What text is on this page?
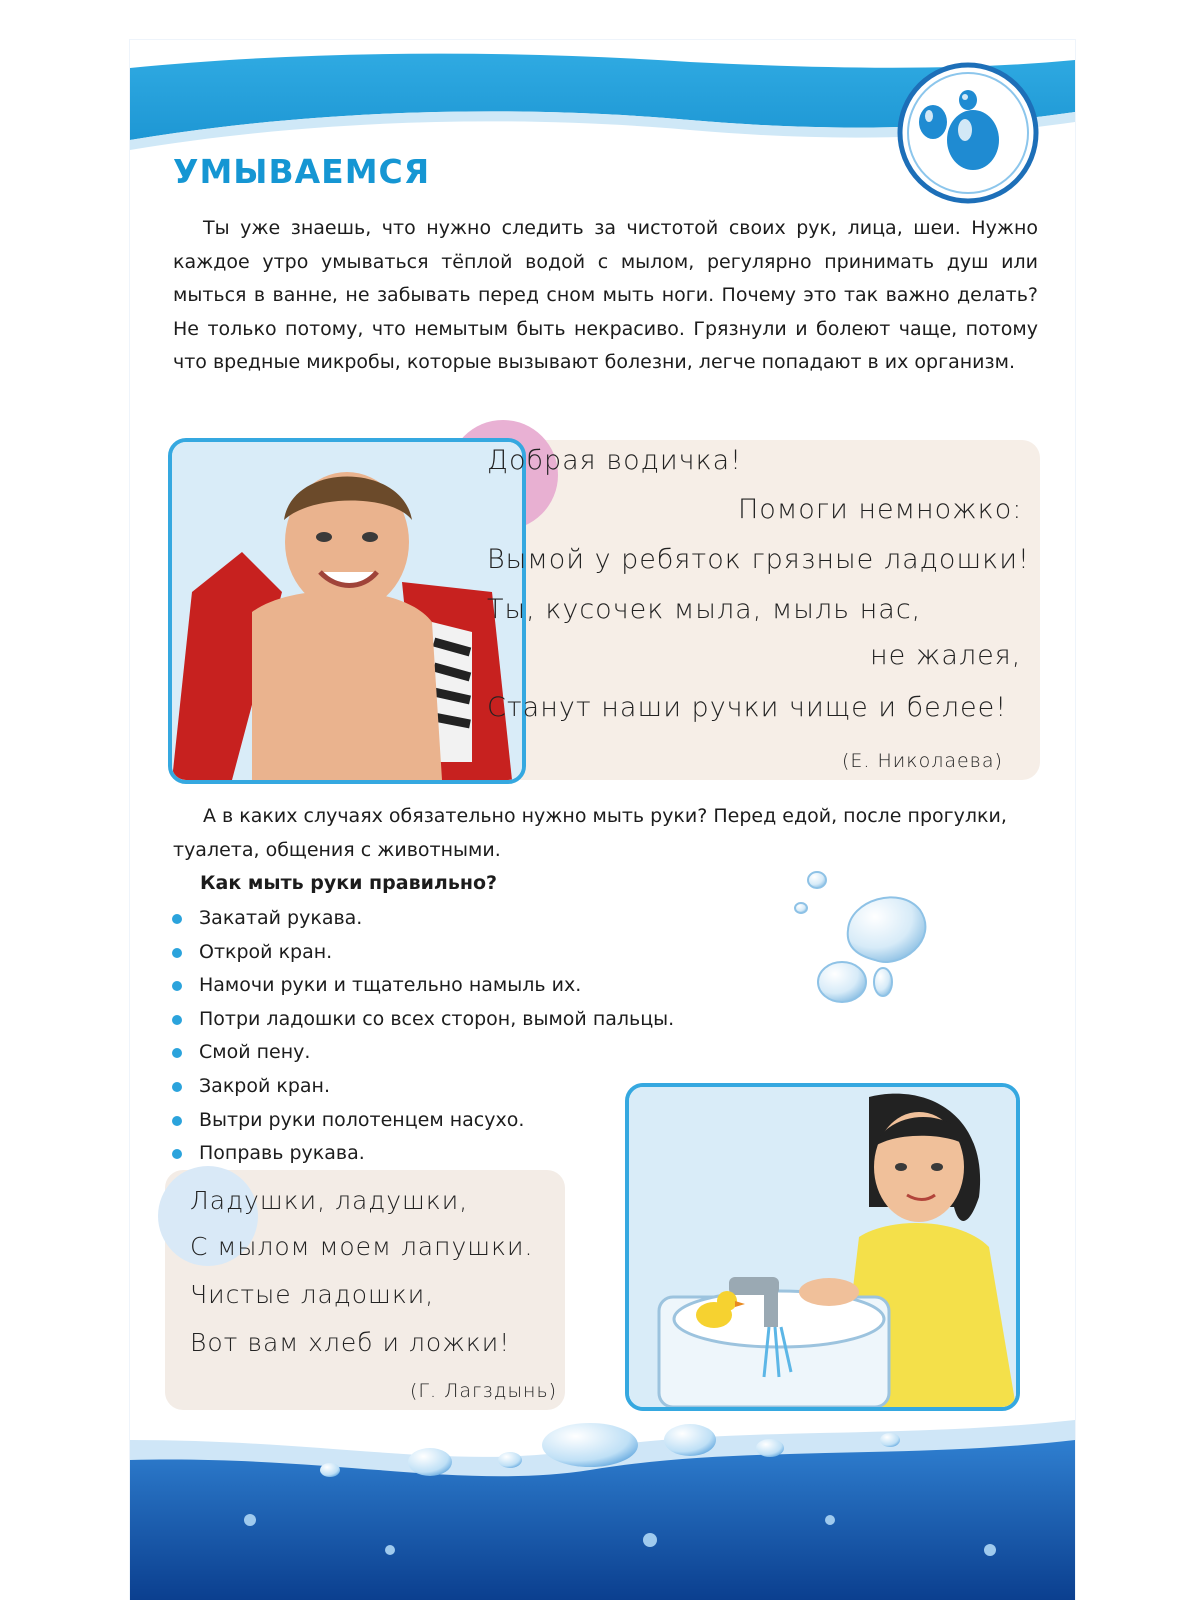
УМЫВАЕМСЯ

Ты уже знаешь, что нужно следить за чистотой своих рук, лица, шеи. Нужно каждое утро умываться тёплой водой с мылом, регулярно принимать душ или мыться в ванне, не забывать перед сном мыть ноги. Почему это так важно делать? Не только потому, что немытым быть некрасиво. Грязнули и болеют чаще, потому что вредные микробы, которые вызывают болезни, легче попадают в их организм.

Добрая водичка!

Помоги немножко:

Вымой у ребяток грязные ладошки!

Ты, кусочек мыла, мыль нас,

не жалея,

Станут наши ручки чище и белее!

(Е. Николаева)

А в каких случаях обязательно нужно мыть руки? Перед едой, после прогулки, туалета, общения с животными.

Как мыть руки правильно?

Закатай рукава.
Открой кран.
Намочи руки и тщательно намыль их.
Потри ладошки со всех сторон, вымой пальцы.
Смой пену.
Закрой кран.
Вытри руки полотенцем насухо.
Поправь рукава.

Ладушки, ладушки,

С мылом моем лапушки.

Чистые ладошки,

Вот вам хлеб и ложки!

(Г. Лагздынь)
